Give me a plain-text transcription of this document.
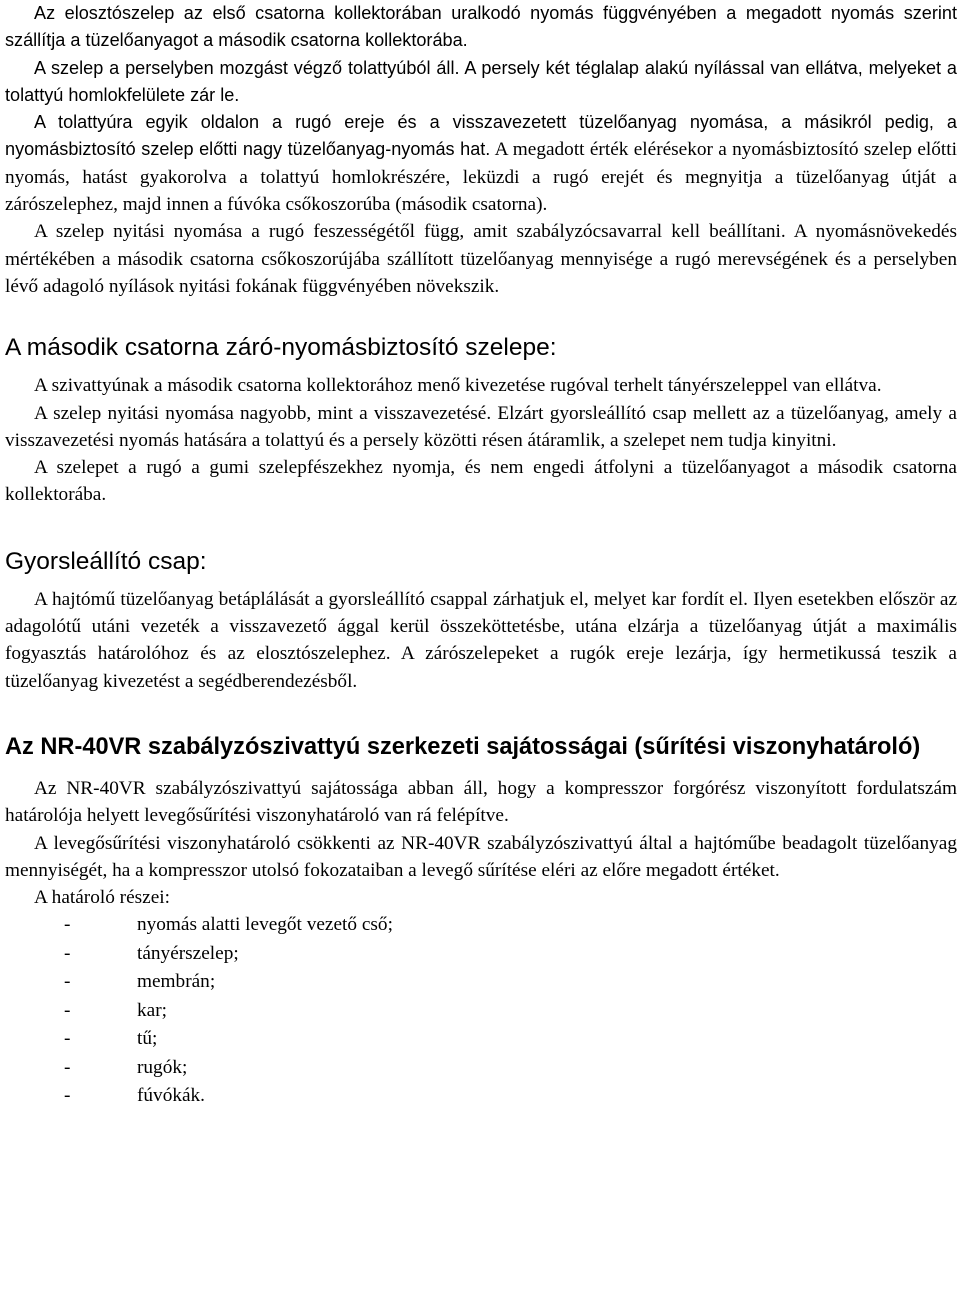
Az elosztószelep az első csatorna kollektorában uralkodó nyomás függvényében a megadott nyomás szerint szállítja a tüzelőanyagot a második csatorna kollektorába.

A szelep a perselyben mozgást végző tolattyúból áll. A persely két téglalap alakú nyílással van ellátva, melyeket a tolattyú homlokfelülete zár le.

A tolattyúra egyik oldalon a rugó ereje és a visszavezetett tüzelőanyag nyomása, a másikról pedig, a nyomásbiztosító szelep előtti nagy tüzelőanyag-nyomás hat. A megadott érték elérésekor a nyomásbiztosító szelep előtti nyomás, hatást gyakorolva a tolattyú homlokrészére, leküzdi a rugó erejét és megnyitja a tüzelőanyag útját a zárószelephez, majd innen a fúvóka csőkoszorúba (második csatorna).

A szelep nyitási nyomása a rugó feszességétől függ, amit szabályzócsavarral kell beállítani. A nyomásnövekedés mértékében a második csatorna csőkoszorújába szállított tüzelőanyag mennyisége a rugó merevségének és a perselyben lévő adagoló nyílások nyitási fokának függvényében növekszik.

A második csatorna záró-nyomásbiztosító szelepe:

A szivattyúnak a második csatorna kollektorához menő kivezetése rugóval terhelt tányérszeleppel van ellátva.

A szelep nyitási nyomása nagyobb, mint a visszavezetésé. Elzárt gyorsleállító csap mellett az a tüzelőanyag, amely a visszavezetési nyomás hatására a tolattyú és a persely közötti résen átáramlik, a szelepet nem tudja kinyitni.

A szelepet a rugó a gumi szelepfészekhez nyomja, és nem engedi átfolyni a tüzelőanyagot a második csatorna kollektorába.

Gyorsleállító csap:

A hajtómű tüzelőanyag betáplálását a gyorsleállító csappal zárhatjuk el, melyet kar fordít el. Ilyen esetekben először az adagolótű utáni vezeték a visszavezető ággal kerül összeköttetésbe, utána elzárja a tüzelőanyag útját a maximális fogyasztás határolóhoz és az elosztószelephez. A zárószelepeket a rugók ereje lezárja, így hermetikussá teszik a tüzelőanyag kivezetést a segédberendezésből.

Az NR-40VR szabályzószivattyú szerkezeti sajátosságai (sűrítési viszonyhatároló)

Az NR-40VR szabályzószivattyú sajátossága abban áll, hogy a kompresszor forgórész viszonyított fordulatszám határolója helyett levegősűrítési viszonyhatároló van rá felépítve.

A levegősűrítési viszonyhatároló csökkenti az NR-40VR szabályzószivattyú által a hajtóműbe beadagolt tüzelőanyag mennyiségét, ha a kompresszor utolsó fokozataiban a levegő sűrítése eléri az előre megadott értéket.

A határoló részei:

-	nyomás alatti levegőt vezető cső;
-	tányérszelep;
-	membrán;
-	kar;
-	tű;
-	rugók;
-	fúvókák.
